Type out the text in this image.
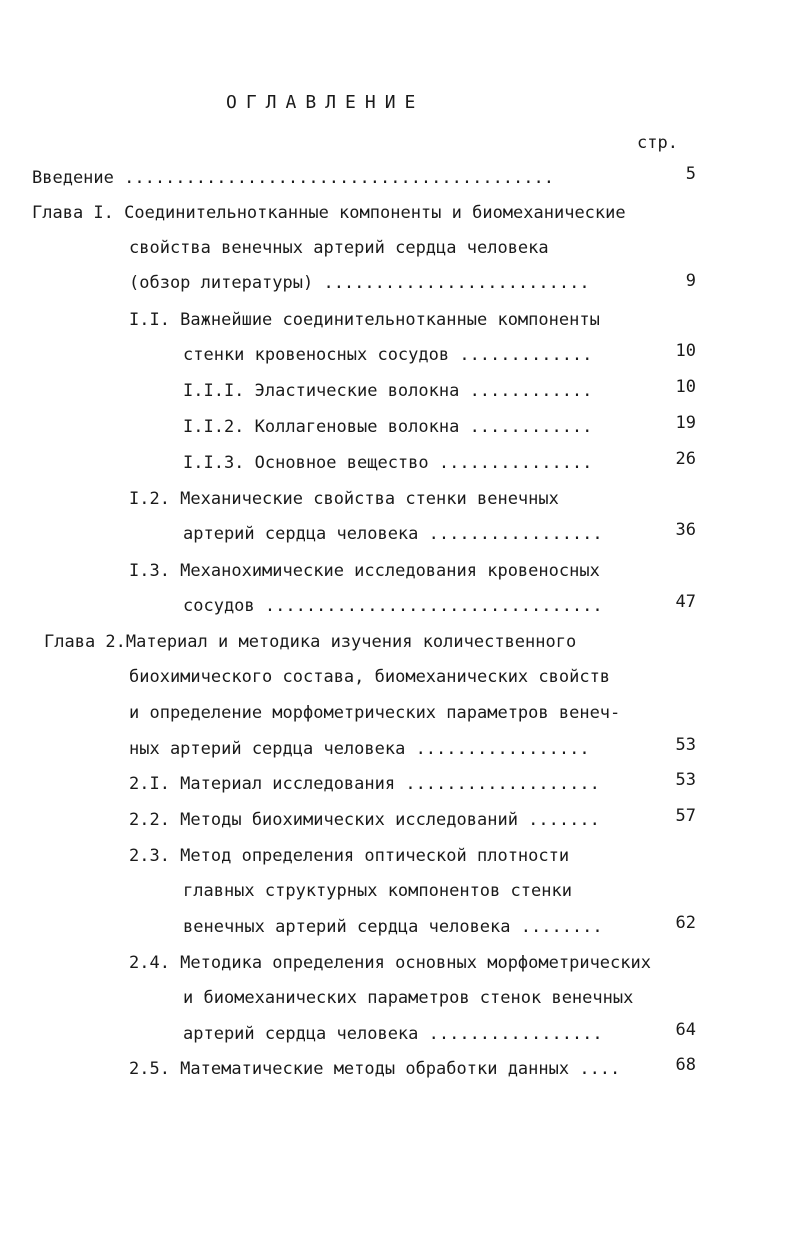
ОГЛАВЛЕНИЕ
стр.
Введение ..........................................	5
Глава I. Соединительнотканные компоненты и биомеханические
свойства венечных артерий сердца человека
(обзор литературы) ..........................	9
I.I. Важнейшие соединительнотканные компоненты
стенки кровеносных сосудов .............	10
I.I.I. Эластические волокна ............	10
I.I.2. Коллагеновые волокна ............	19
I.I.3. Основное вещество ...............	26
I.2. Механические свойства стенки венечных
артерий сердца человека .................	36
I.3. Механохимические исследования кровеносных
сосудов .................................	47
Глава 2.Материал и методика изучения количественного
биохимического состава, биомеханических свойств
и определение морфометрических параметров венеч-
ных артерий сердца человека .................	53
2.I. Материал исследования ...................	53
2.2. Методы биохимических исследований .......	57
2.3. Метод определения оптической плотности
главных структурных компонентов стенки
венечных артерий сердца человека ........	62
2.4. Методика определения основных морфометрических
и биомеханических параметров стенок венечных
артерий сердца человека .................	64
2.5. Математические методы обработки данных ....	68
